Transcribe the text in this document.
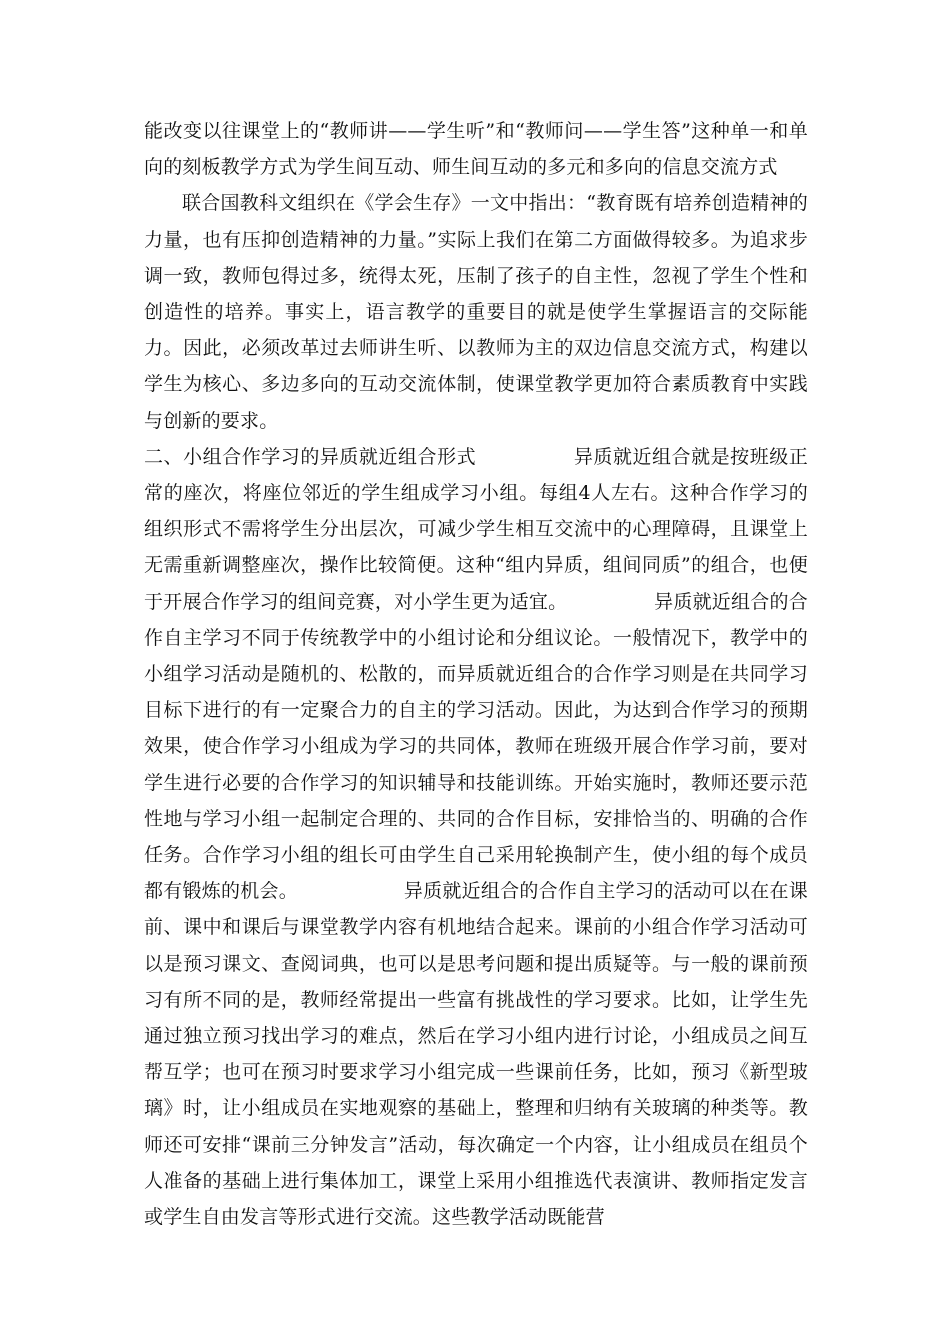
能改变以往课堂上的“教师讲——学生听”和“教师问——学生答”这种单一和单向的刻板教学方式为学生间互动、师生间互动的多元和多向的信息交流方式

联合国教科文组织在《学会生存》一文中指出：“教育既有培养创造精神的力量，也有压抑创造精神的力量。”实际上我们在第二方面做得较多。为追求步调一致，教师包得过多，统得太死，压制了孩子的自主性，忽视了学生个性和创造性的培养。事实上，语言教学的重要目的就是使学生掌握语言的交际能力。因此，必须改革过去师讲生听、以教师为主的双边信息交流方式，构建以学生为核心、多边多向的互动交流体制，使课堂教学更加符合素质教育中实践与创新的要求。

二、小组合作学习的异质就近组合形式　　　　　异质就近组合就是按班级正常的座次，将座位邻近的学生组成学习小组。每组4人左右。这种合作学习的组织形式不需将学生分出层次，可减少学生相互交流中的心理障碍，且课堂上无需重新调整座次，操作比较简便。这种“组内异质，组间同质”的组合，也便于开展合作学习的组间竞赛，对小学生更为适宜。　　　　　异质就近组合的合作自主学习不同于传统教学中的小组讨论和分组议论。一般情况下，教学中的小组学习活动是随机的、松散的，而异质就近组合的合作学习则是在共同学习目标下进行的有一定聚合力的自主的学习活动。因此，为达到合作学习的预期效果，使合作学习小组成为学习的共同体，教师在班级开展合作学习前，要对学生进行必要的合作学习的知识辅导和技能训练。开始实施时，教师还要示范性地与学习小组一起制定合理的、共同的合作目标，安排恰当的、明确的合作任务。合作学习小组的组长可由学生自己采用轮换制产生，使小组的每个成员都有锻炼的机会。　　　　　　异质就近组合的合作自主学习的活动可以在在课前、课中和课后与课堂教学内容有机地结合起来。课前的小组合作学习活动可以是预习课文、查阅词典，也可以是思考问题和提出质疑等。与一般的课前预习有所不同的是，教师经常提出一些富有挑战性的学习要求。比如，让学生先通过独立预习找出学习的难点，然后在学习小组内进行讨论，小组成员之间互帮互学；也可在预习时要求学习小组完成一些课前任务，比如，预习《新型玻璃》时，让小组成员在实地观察的基础上，整理和归纳有关玻璃的种类等。教师还可安排“课前三分钟发言”活动，每次确定一个内容，让小组成员在组员个人准备的基础上进行集体加工，课堂上采用小组推选代表演讲、教师指定发言或学生自由发言等形式进行交流。这些教学活动既能营
